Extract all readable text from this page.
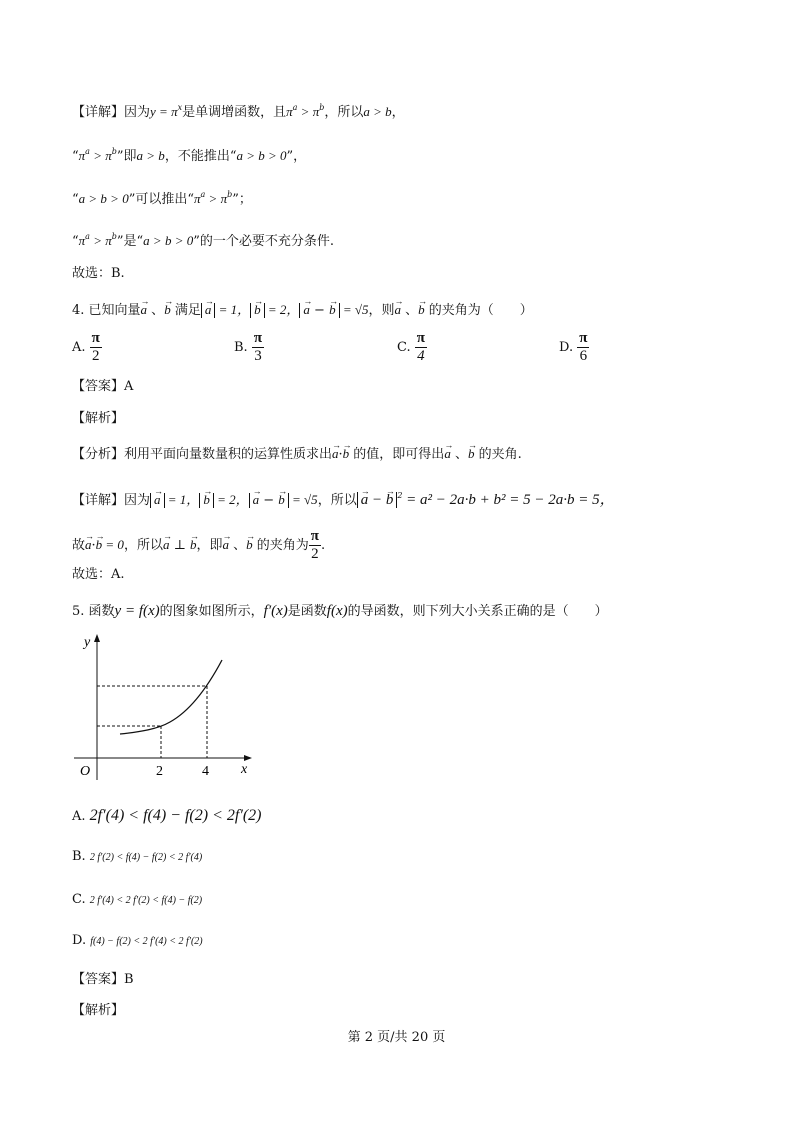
【详解】因为$y = \pi^x$是单调增函数，且$\pi^a > \pi^b$，所以a > b，
“$\pi^a > \pi^b$”即a > b，不能推出“a > b > 0”，
“a > b > 0”可以推出“$\pi^a > \pi^b$”；
“$\pi^a > \pi^b$”是“a > b > 0”的一个必要不充分条件.
故选：B.
4. 已知向量→ a 、→ b 满足 → a = 1， → b = 2， → a − → b = √5，则→ a 、→ b 的夹角为（　　）
A. $\frac{\pi}{2}$	B. $\frac{\pi}{3}$	C. $\frac{\pi}{4}$	D. $\frac{\pi}{6}$
【答案】A
【解析】
【分析】利用平面向量数量积的运算性质求出→ a·→ b 的值，即可得出→ a 、→ b 的夹角.
【详解】因为 → a = 1， → b = 2， → a − → b = √5，所以 → a − → b $^2$ = a² − 2a·b + b² = 5 − 2a·b = 5，
故→ a·→ b = 0，所以→ a ⊥ → b，即→ a 、→ b 的夹角为 $\frac{\pi}{2}$ .
故选：A.
5. 函数y = f(x)的图象如图所示，f′(x)是函数f(x)的导函数，则下列大小关系正确的是（　　）
y
x
O	2	4
A. 2f′(4) < f(4) − f(2) < 2f′(2)
B. 2 f′(2) < f(4) − f(2) < 2 f′(4)
C. 2 f′(4) < 2 f′(2) < f(4) − f(2)
D. f(4) − f(2) < 2 f′(4) < 2 f′(2)
【答案】B
【解析】
第 2 页/共 20 页
